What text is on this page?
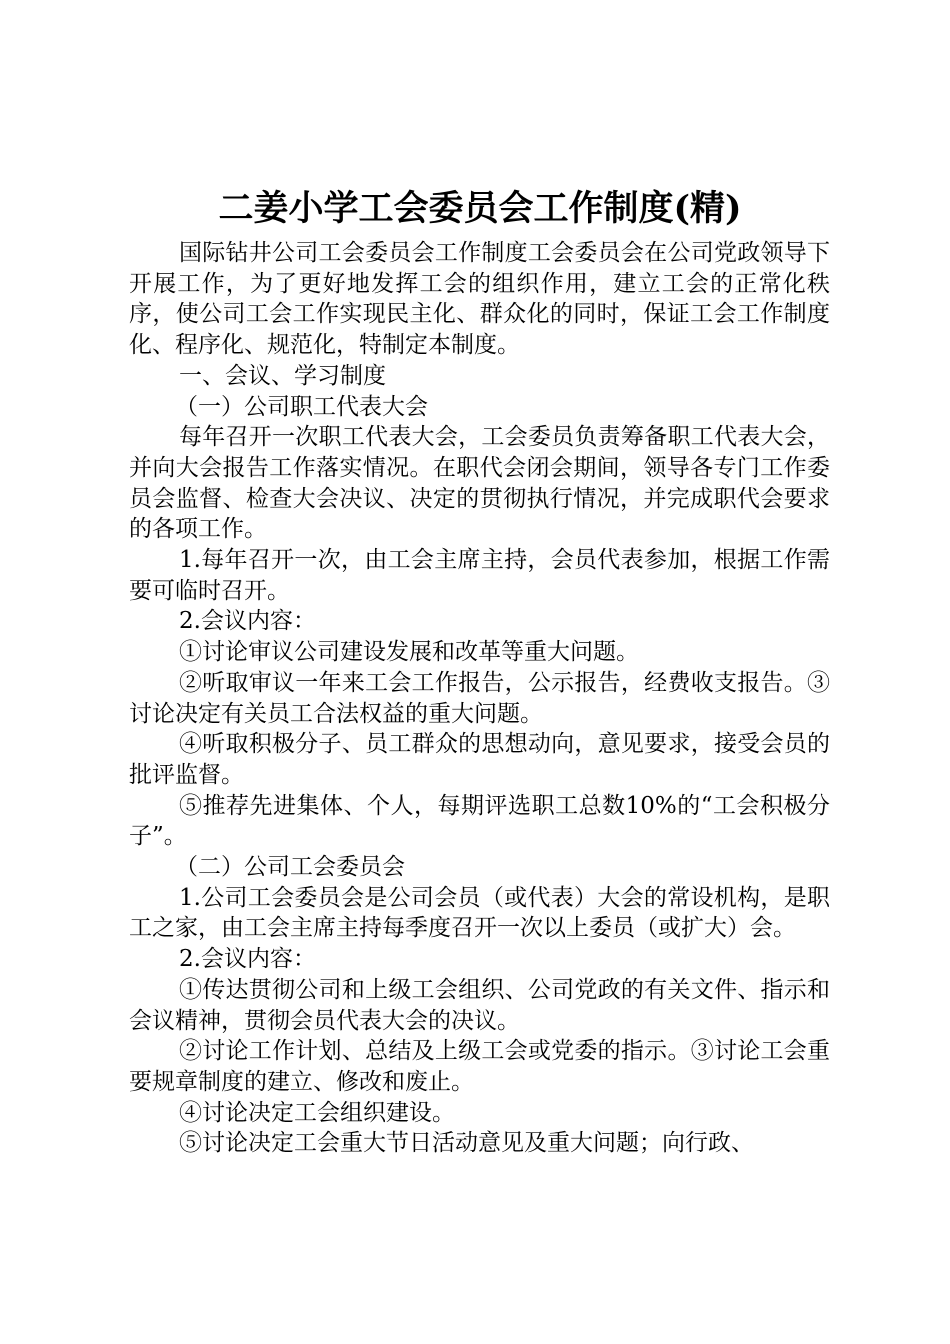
二姜小学工会委员会工作制度(精)

国际钻井公司工会委员会工作制度工会委员会在公司党政领导下开展工作，为了更好地发挥工会的组织作用，建立工会的正常化秩序，使公司工会工作实现民主化、群众化的同时，保证工会工作制度化、程序化、规范化，特制定本制度。

一、会议、学习制度

（一）公司职工代表大会

每年召开一次职工代表大会，工会委员负责筹备职工代表大会，并向大会报告工作落实情况。在职代会闭会期间，领导各专门工作委员会监督、检查大会决议、决定的贯彻执行情况，并完成职代会要求的各项工作。

1.每年召开一次，由工会主席主持，会员代表参加，根据工作需要可临时召开。

2.会议内容：

①讨论审议公司建设发展和改革等重大问题。

②听取审议一年来工会工作报告，公示报告，经费收支报告。③讨论决定有关员工合法权益的重大问题。

④听取积极分子、员工群众的思想动向，意见要求，接受会员的批评监督。

⑤推荐先进集体、个人，每期评选职工总数10%的“工会积极分子”。

（二）公司工会委员会

1.公司工会委员会是公司会员（或代表）大会的常设机构，是职工之家，由工会主席主持每季度召开一次以上委员（或扩大）会。

2.会议内容：

①传达贯彻公司和上级工会组织、公司党政的有关文件、指示和会议精神，贯彻会员代表大会的决议。

②讨论工作计划、总结及上级工会或党委的指示。③讨论工会重要规章制度的建立、修改和废止。

④讨论决定工会组织建设。

⑤讨论决定工会重大节日活动意见及重大问题；向行政、
